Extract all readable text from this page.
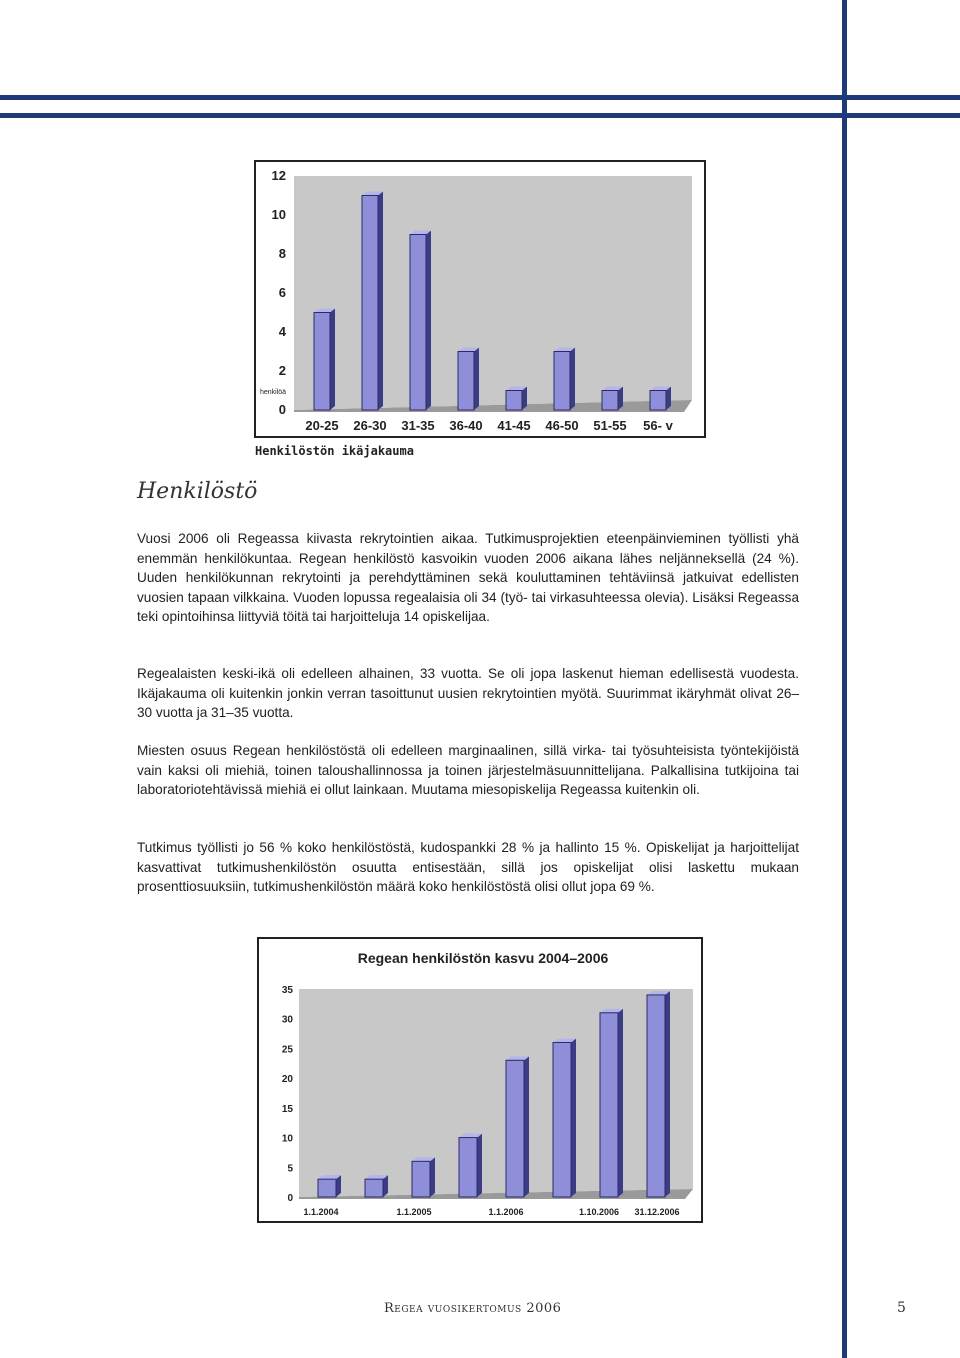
0
2
4
6
8
10
12
henkilöä
20-25 26-30 31-35 36-40 41-45 46-50 51-55 56- v
Henkilöstön ikäjakauma
Henkilöstö
Vuosi 2006 oli Regeassa kiivasta rekrytointien aikaa. Tutkimusprojektien eteenpäinvieminen työllisti yhä enemmän henkilökuntaa. Regean henkilöstö kasvoikin vuoden 2006 aikana lähes neljänneksellä (24 %). Uuden henkilökunnan rekrytointi ja perehdyttäminen sekä kouluttaminen tehtäviinsä jatkuivat edellisten vuosien tapaan vilkkaina. Vuoden lopussa regealaisia oli 34 (työ- tai virkasuhteessa olevia). Lisäksi Regeassa teki opintoihinsa liittyviä töitä tai harjoitteluja 14 opiskelijaa.
Regealaisten keski-ikä oli edelleen alhainen, 33 vuotta. Se oli jopa laskenut hieman edellisestä vuodesta. Ikäjakauma oli kuitenkin jonkin verran tasoittunut uusien rekrytointien myötä. Suurimmat ikäryhmät olivat 26–30 vuotta ja 31–35 vuotta.
Miesten osuus Regean henkilöstöstä oli edelleen marginaalinen, sillä virka- tai työsuhteisista työntekijöistä vain kaksi oli miehiä, toinen taloushallinnossa ja toinen järjestelmäsuunnittelijana. Palkallisina tutkijoina tai laboratoriotehtävissä miehiä ei ollut lainkaan. Muutama miesopiskelija Regeassa kuitenkin oli.
Tutkimus työllisti jo 56 % koko henkilöstöstä, kudospankki 28 % ja hallinto 15 %. Opiskelijat ja harjoittelijat kasvattivat tutkimushenkilöstön osuutta entisestään, sillä jos opiskelijat olisi laskettu mukaan prosenttiosuuksiin, tutkimushenkilöstön määrä koko henkilöstöstä olisi ollut jopa 69 %.
Regean henkilöstön kasvu 2004–2006
0
5
10
15
20
25
30
35
1.1.2004	1.1.2005	1.1.2006	1.10.2006 31.12.2006
Regea vuosikertomus 2006	5
